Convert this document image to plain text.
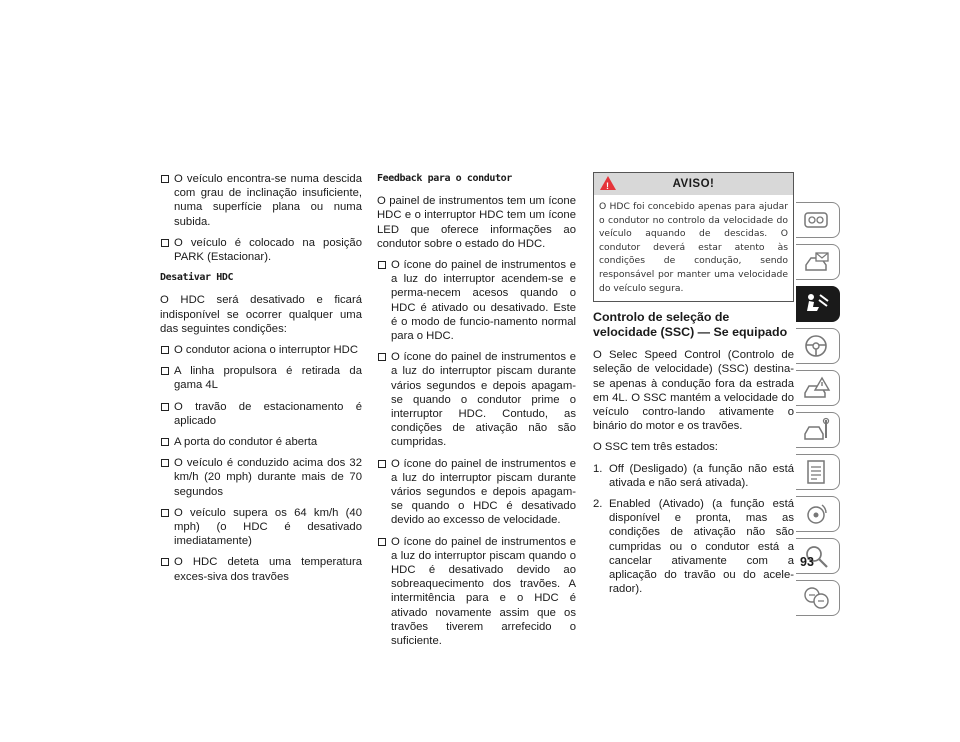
O veículo encontra-se numa descida com grau de inclinação insuficiente, numa superfície plana ou numa subida.
O veículo é colocado na posição PARK (Estacionar).
Desativar HDC

O HDC será desativado e ficará indisponível se ocorrer qualquer uma das seguintes condições:

O condutor aciona o interruptor HDC
A linha propulsora é retirada da gama 4L
O travão de estacionamento é aplicado
A porta do condutor é aberta
O veículo é conduzido acima dos 32 km/h (20 mph) durante mais de 70 segundos
O veículo supera os 64 km/h (40 mph) (o HDC é desativado imediatamente)
O HDC deteta uma temperatura exces-siva dos travões
Feedback para o condutor

O painel de instrumentos tem um ícone HDC e o interruptor HDC tem um ícone LED que oferece informações ao condutor sobre o estado do HDC.

O ícone do painel de instrumentos e a luz do interruptor acendem-se e perma-necem acesos quando o HDC é ativado ou desativado. Este é o modo de funcio-namento normal para o HDC.
O ícone do painel de instrumentos e a luz do interruptor piscam durante vários segundos e depois apagam-se quando o condutor prime o interruptor HDC. Contudo, as condições de ativação não são cumpridas.
O ícone do painel de instrumentos e a luz do interruptor piscam durante vários segundos e depois apagam-se quando o HDC é desativado devido ao excesso de velocidade.
O ícone do painel de instrumentos e a luz do interruptor piscam quando o HDC é desativado devido ao sobreaquecimento dos travões. A intermitência para e o HDC é ativado novamente assim que os travões tiverem arrefecido o suficiente.
!	AVISO!
O HDC foi concebido apenas para ajudar o condutor no controlo da velocidade do veículo aquando de descidas. O condutor deverá estar atento às condições de condução, sendo responsável por manter uma velocidade do veículo segura.
Controlo de seleção de velocidade (SSC) — Se equipado

O Selec Speed Control (Controlo de seleção de velocidade) (SSC) destina-se apenas à condução fora da estrada em 4L. O SSC mantém a velocidade do veículo contro-lando ativamente o binário do motor e os travões.

O SSC tem três estados:

1. Off (Desligado) (a função não está ativada e não será ativada).
2. Enabled (Ativado) (a função está disponível e pronta, mas as condições de ativação não são cumpridas ou o condutor está a cancelar ativamente com a aplicação do travão ou do acele-rador).
93
